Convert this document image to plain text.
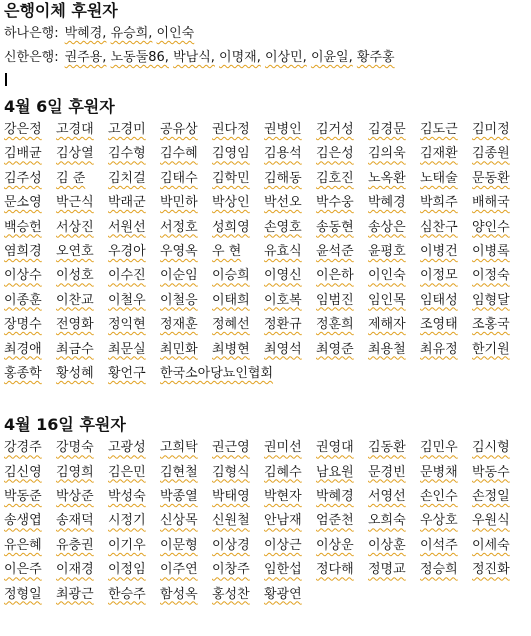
은행이체 후원자
하나은행: 박혜경, 유승희, 이인숙
신한은행: 권주용, 노동둘86, 박남식, 이명재, 이상민, 이윤일, 황주홍
4월 6일 후원자
강은정	고경대	고경미	공유상	권다정	권병인	김거성	김경문	김도근	김미정
김배균	김상열	김수형	김수혜	김영임	김용석	김은성	김의욱	김재환	김종원
김주성	김 준	김치걸	김태수	김학민	김해동	김호진	노옥환	노태술	문동환
문소영	박근식	박래군	박민하	박상인	박선오	박수웅	박혜경	박희주	배해국
백승헌	서상진	서원선	서정호	성희영	손영호	송동현	송상은	심찬구	양인수
염희경	오연호	우경아	우영옥	우 현	유효식	윤석준	윤평호	이병건	이병록
이상수	이성호	이수진	이순임	이승희	이영신	이은하	이인숙	이정모	이정숙
이종훈	이찬교	이철우	이철응	이태희	이호복	임범진	임인목	임태성	임형달
장명수	전영화	정익현	정재훈	정혜선	정환규	정훈희	제해자	조영태	조홍국
최경애	최금수	최문실	최민화	최병현	최영석	최영준	최용철	최유정	한기원
홍종학	황성혜	황언구	한국소아당뇨인협회
4월 16일 후원자
강경주	강명숙	고광성	고희탁	권근영	권미선	권영대	김동환	김민우	김시형
김신영	김영희	김은민	김현철	김형식	김혜수	남요원	문경빈	문병채	박동수
박동준	박상준	박성숙	박종열	박태영	박현자	박혜경	서영선	손인수	손정일
송생엽	송재덕	시정기	신상목	신원철	안남재	엄준천	오희숙	우상호	우원식
유은혜	유충권	이기우	이문형	이상경	이상근	이상운	이상훈	이석주	이세숙
이은주	이재경	이정임	이주연	이창주	임한섭	정다해	정명교	정승희	정진화
정형일	최광근	한승주	함성옥	홍성찬	황광연
